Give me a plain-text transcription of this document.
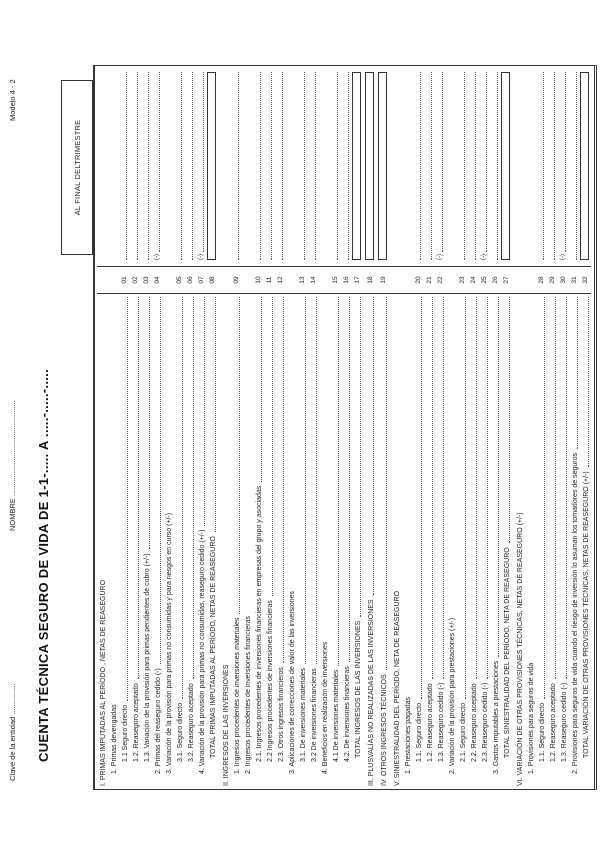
Clave de la entidad ...............
NOMBRE ..............................................
Modelo 4 - 2
CUENTA TÉCNICA SEGURO DE VIDA DE 1-1-..... A .....-.....-.....
AL FINAL DELTRIMESTRE
I. PRIMAS IMPUTADAS AL PERÍODO , NETAS DE REASEGURO 1. Primas devengadas 1.1 Seguro directo
01
1.2. Reaseguro aceptado
02
1.3. Variación de la provisión para primas pendientes de cobro (+/-)
03
2. Primas del reaseguro cedido (-)
04
(-)
3. Variación de la provisión para primas no consumidas y para riesgos en curso (+/-) 3.1. Seguro directo
05
3.2. Reaseguro aceptado
06
4. Variación de la provisión para primas no consumidas, reaseguro cedido (+/-)
07
(-)
TOTAL PRIMAS IMPUTADAS AL PERÍODO, NETAS DE REASEGURO
08
II. INGRESOS DE LAS INVERSIONES 1. Ingresos procedentes de inversiones materiales
09
2. Ingresos procedentes de inversiones financieras 2.1. Ingresos procedentes de inversiones financieras en empresas del grupo y asociadas
10
2.2 Ingresos procedentes de inversiones financieras
11
2.3. Otros ingresos financieros
12
3. Aplicaciones de correcciones de valor de las inversiones 3.1. De inversiones materiales
13
3.2 De inversiones financieras
14
4. Beneficios en realización de inversiones 4.1 De inversiones materiales
15
4.2. De inversiones financieras
16
TOTAL INGRESOS DE LAS INVERSIONES
17
III. PLUSVALÍAS NO REALIZADAS DE LAS INVERSIONES
18
IV. OTROS INGRESOS TÉCNICOS
19
V. SINIESTRALIDAD DEL PERÍODO, NETA DE REASEGURO 1. Prestaciones pagadas 1.1. Seguro directo
20
1.2. Reaseguro aceptado
21
1.3. Reaseguro cedido (-)
22
(-)
2. Variación de la provisión para prestaciones (+/-) 2.1. Seguro directo
23
2.2. Reaseguro aceptado
24
2.3. Reaseguro cedido (-)
25
(-)
3. Gastos imputables a prestaciones
26
TOTAL SINIESTRALIDAD DEL PERÍODO, NETA DE REASEGURO
27
VI. VARIACIÓN DE OTRAS PROVISIONES TÉCNICAS, NETAS DE REASEGURO (+/-) 1. Provisiones para seguros de vida 1.1. Seguro directo
28
1.2. Reaseguro aceptado
29
1.3. Reaseguro cedido (-)
30
(-)
2. Provisiones para seguros de vida cuando el riesgo de inversión lo asuman los tomadores de seguros
31
TOTAL VARIACIÓN DE OTRAS PROVISIONES TÉCNICAS, NETAS DE REASEGURO (+/-)
32
